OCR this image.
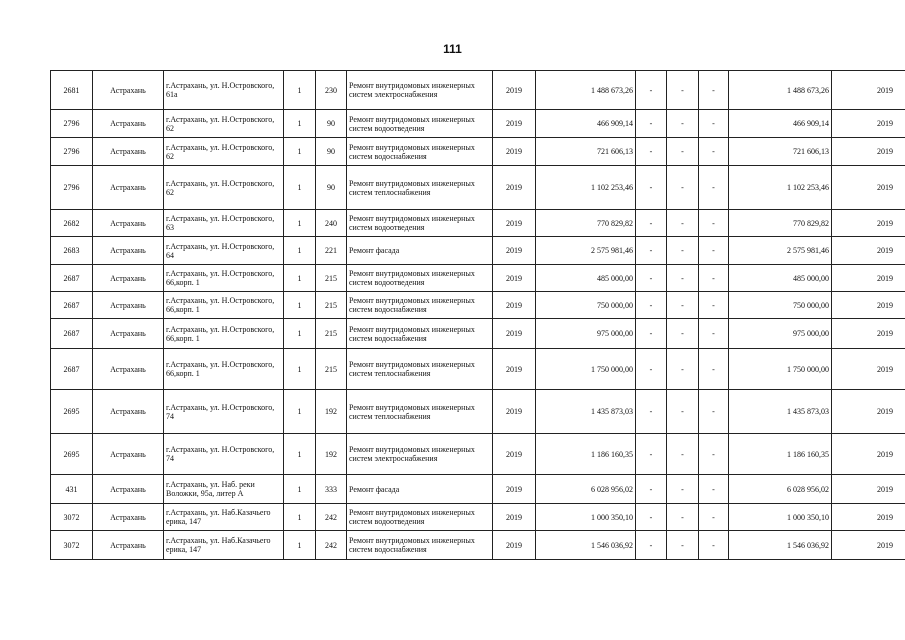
111
2681	Астрахань	г.Астрахань, ул. Н.Островского, 61а	1	230	Ремонт внутридомовых инженерных систем электроснабжения	2019	1 488 673,26	-	-	-	1 488 673,26	2019
2796	Астрахань	г.Астрахань, ул. Н.Островского, 62	1	90	Ремонт внутридомовых инженерных систем водоотведения	2019	466 909,14	-	-	-	466 909,14	2019
2796	Астрахань	г.Астрахань, ул. Н.Островского, 62	1	90	Ремонт внутридомовых инженерных систем водоснабжения	2019	721 606,13	-	-	-	721 606,13	2019
2796	Астрахань	г.Астрахань, ул. Н.Островского, 62	1	90	Ремонт внутридомовых инженерных систем теплоснабжения	2019	1 102 253,46	-	-	-	1 102 253,46	2019
2682	Астрахань	г.Астрахань, ул. Н.Островского, 63	1	240	Ремонт внутридомовых инженерных систем водоотведения	2019	770 829,82	-	-	-	770 829,82	2019
2683	Астрахань	г.Астрахань, ул. Н.Островского, 64	1	221	Ремонт фасада	2019	2 575 981,46	-	-	-	2 575 981,46	2019
2687	Астрахань	г.Астрахань, ул. Н.Островского, 66,корп. 1	1	215	Ремонт внутридомовых инженерных систем водоотведения	2019	485 000,00	-	-	-	485 000,00	2019
2687	Астрахань	г.Астрахань, ул. Н.Островского, 66,корп. 1	1	215	Ремонт внутридомовых инженерных систем водоснабжения	2019	750 000,00	-	-	-	750 000,00	2019
2687	Астрахань	г.Астрахань, ул. Н.Островского, 66,корп. 1	1	215	Ремонт внутридомовых инженерных систем водоснабжения	2019	975 000,00	-	-	-	975 000,00	2019
2687	Астрахань	г.Астрахань, ул. Н.Островского, 66,корп. 1	1	215	Ремонт внутридомовых инженерных систем теплоснабжения	2019	1 750 000,00	-	-	-	1 750 000,00	2019
2695	Астрахань	г.Астрахань, ул. Н.Островского, 74	1	192	Ремонт внутридомовых инженерных систем теплоснабжения	2019	1 435 873,03	-	-	-	1 435 873,03	2019
2695	Астрахань	г.Астрахань, ул. Н.Островского, 74	1	192	Ремонт внутридомовых инженерных систем электроснабжения	2019	1 186 160,35	-	-	-	1 186 160,35	2019
431	Астрахань	г.Астрахань, ул. Наб. реки Воложки, 95а, литер А	1	333	Ремонт фасада	2019	6 028 956,02	-	-	-	6 028 956,02	2019
3072	Астрахань	г.Астрахань, ул. Наб.Казачьего ерика, 147	1	242	Ремонт внутридомовых инженерных систем водоотведения	2019	1 000 350,10	-	-	-	1 000 350,10	2019
3072	Астрахань	г.Астрахань, ул. Наб.Казачьего ерика, 147	1	242	Ремонт внутридомовых инженерных систем водоснабжения	2019	1 546 036,92	-	-	-	1 546 036,92	2019
